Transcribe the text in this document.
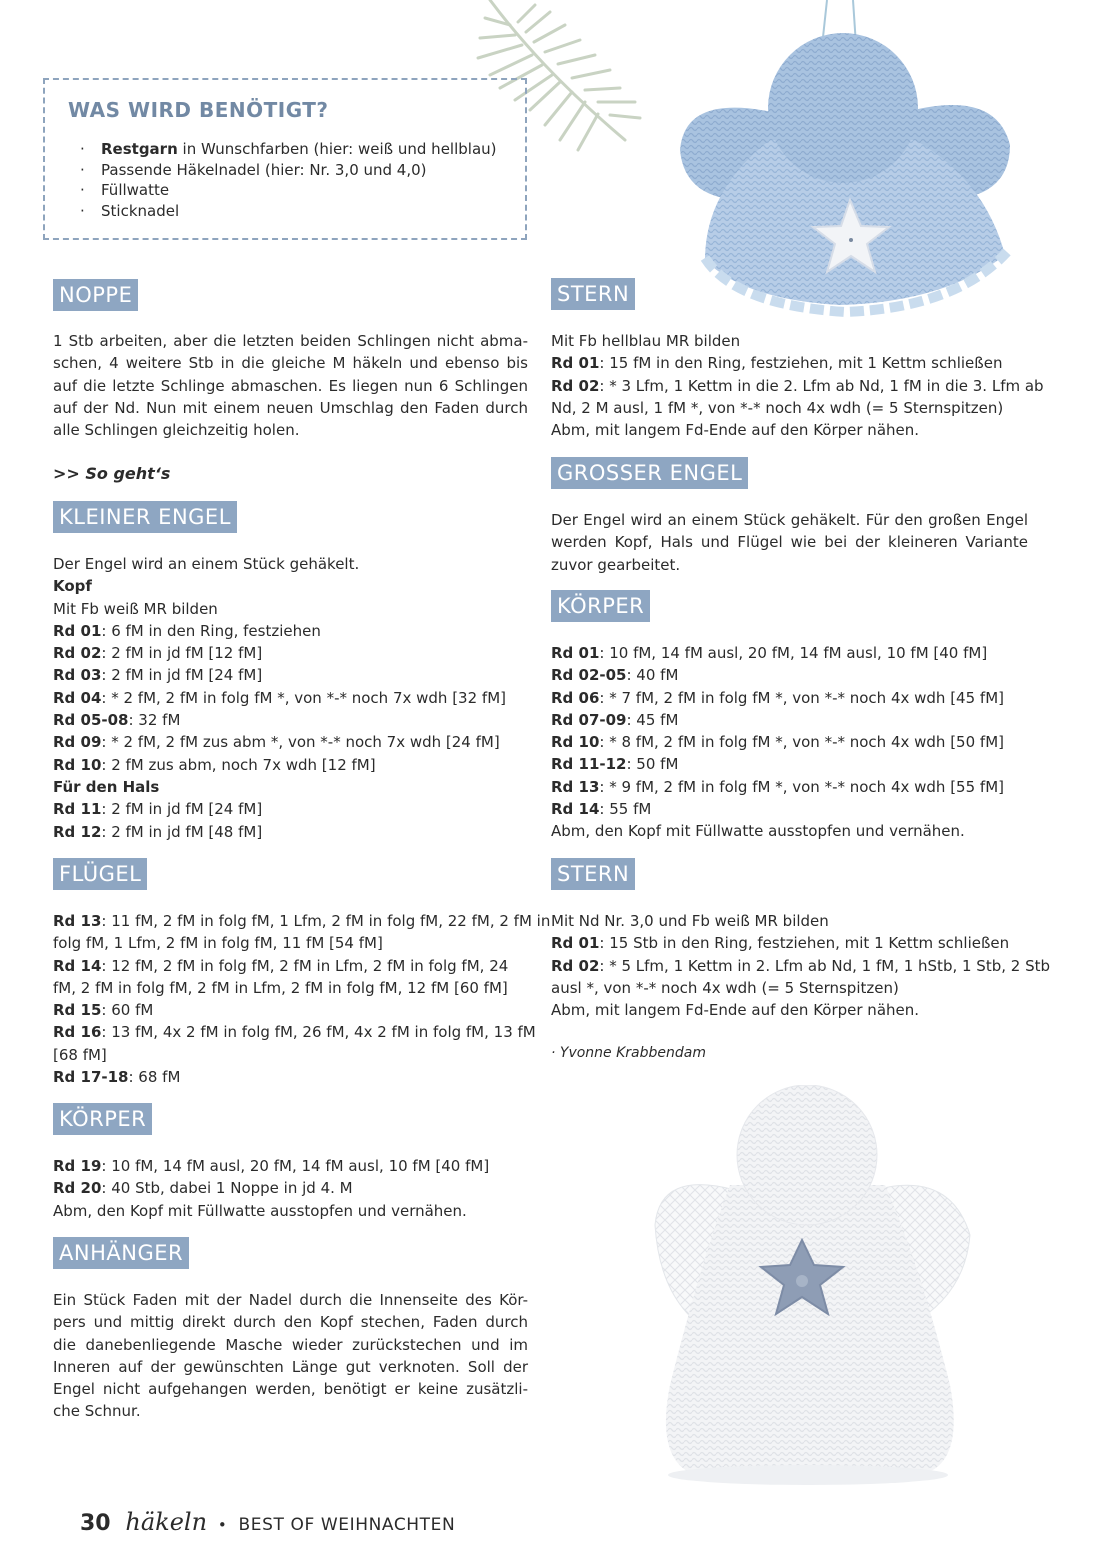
WAS WIRD BENÖTIGT?
· Restgarn in Wunschfarben (hier: weiß und hellblau)
· Passende Häkelnadel (hier: Nr. 3,0 und 4,0)
· Füllwatte
· Sticknadel
NOPPE
1 Stb arbeiten, aber die letzten beiden Schlingen nicht abma-
schen, 4 weitere Stb in die gleiche M häkeln und ebenso bis
auf die letzte Schlinge abmaschen. Es liegen nun 6 Schlingen
auf der Nd. Nun mit einem neuen Umschlag den Faden durch
alle Schlingen gleichzeitig holen.
>> So geht‘s
KLEINER ENGEL
Der Engel wird an einem Stück gehäkelt.
Kopf
Mit Fb weiß MR bilden
Rd 01: 6 fM in den Ring, festziehen
Rd 02: 2 fM in jd fM [12 fM]
Rd 03: 2 fM in jd fM [24 fM]
Rd 04: * 2 fM, 2 fM in folg fM *, von *-* noch 7x wdh [32 fM]
Rd 05-08: 32 fM
Rd 09: * 2 fM, 2 fM zus abm *, von *-* noch 7x wdh [24 fM]
Rd 10: 2 fM zus abm, noch 7x wdh [12 fM]
Für den Hals
Rd 11: 2 fM in jd fM [24 fM]
Rd 12: 2 fM in jd fM [48 fM]
FLÜGEL
Rd 13: 11 fM, 2 fM in folg fM, 1 Lfm, 2 fM in folg fM, 22 fM, 2 fM in
folg fM, 1 Lfm, 2 fM in folg fM, 11 fM [54 fM]
Rd 14: 12 fM, 2 fM in folg fM, 2 fM in Lfm, 2 fM in folg fM, 24
fM, 2 fM in folg fM, 2 fM in Lfm, 2 fM in folg fM, 12 fM [60 fM]
Rd 15: 60 fM
Rd 16: 13 fM, 4x 2 fM in folg fM, 26 fM, 4x 2 fM in folg fM, 13 fM
[68 fM]
Rd 17-18: 68 fM
KÖRPER
Rd 19: 10 fM, 14 fM ausl, 20 fM, 14 fM ausl, 10 fM [40 fM]
Rd 20: 40 Stb, dabei 1 Noppe in jd 4. M
Abm, den Kopf mit Füllwatte ausstopfen und vernähen.
ANHÄNGER
Ein Stück Faden mit der Nadel durch die Innenseite des Kör-
pers und mittig direkt durch den Kopf stechen, Faden durch
die danebenliegende Masche wieder zurückstechen und im
Inneren auf der gewünschten Länge gut verknoten. Soll der
Engel nicht aufgehangen werden, benötigt er keine zusätzli-
che Schnur.
STERN
Mit Fb hellblau MR bilden
Rd 01: 15 fM in den Ring, festziehen, mit 1 Kettm schließen
Rd 02: * 3 Lfm, 1 Kettm in die 2. Lfm ab Nd, 1 fM in die 3. Lfm ab
Nd, 2 M ausl, 1 fM *, von *-* noch 4x wdh (= 5 Sternspitzen)
Abm, mit langem Fd-Ende auf den Körper nähen.
GROSSER ENGEL
Der Engel wird an einem Stück gehäkelt. Für den großen Engel
werden Kopf, Hals und Flügel wie bei der kleineren Variante
zuvor gearbeitet.
KÖRPER
Rd 01: 10 fM, 14 fM ausl, 20 fM, 14 fM ausl, 10 fM [40 fM]
Rd 02-05: 40 fM
Rd 06: * 7 fM, 2 fM in folg fM *, von *-* noch 4x wdh [45 fM]
Rd 07-09: 45 fM
Rd 10: * 8 fM, 2 fM in folg fM *, von *-* noch 4x wdh [50 fM]
Rd 11-12: 50 fM
Rd 13: * 9 fM, 2 fM in folg fM *, von *-* noch 4x wdh [55 fM]
Rd 14: 55 fM
Abm, den Kopf mit Füllwatte ausstopfen und vernähen.
STERN
Mit Nd Nr. 3,0 und Fb weiß MR bilden
Rd 01: 15 Stb in den Ring, festziehen, mit 1 Kettm schließen
Rd 02: * 5 Lfm, 1 Kettm in 2. Lfm ab Nd, 1 fM, 1 hStb, 1 Stb, 2 Stb
ausl *, von *-* noch 4x wdh (= 5 Sternspitzen)
Abm, mit langem Fd-Ende auf den Körper nähen.
· Yvonne Krabbendam
30 häkeln • BEST OF WEIHNACHTEN
